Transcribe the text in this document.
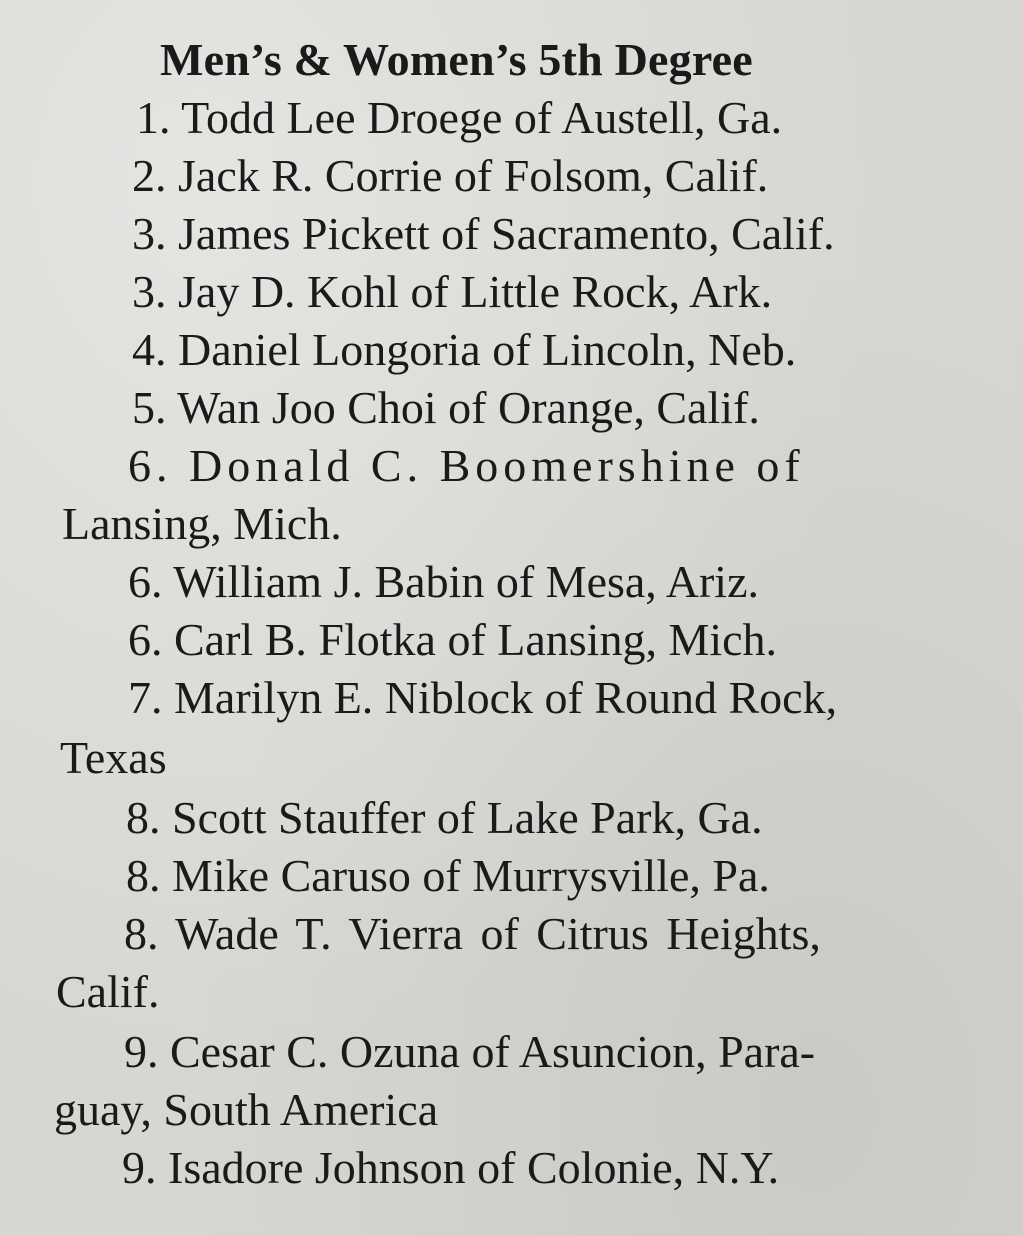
Men’s & Women’s 5th Degree
1. Todd Lee Droege of Austell, Ga.
2. Jack R. Corrie of Folsom, Calif.
3. James Pickett of Sacramento, Calif.
3. Jay D. Kohl of Little Rock, Ark.
4. Daniel Longoria of Lincoln, Neb.
5. Wan Joo Choi of Orange, Calif.
6. Donald C. Boomershine of
Lansing, Mich.
6. William J. Babin of Mesa, Ariz.
6. Carl B. Flotka of Lansing, Mich.
7. Marilyn E. Niblock of Round Rock,
Texas
8. Scott Stauffer of Lake Park, Ga.
8. Mike Caruso of Murrysville, Pa.
8. Wade T. Vierra of Citrus Heights,
Calif.
9. Cesar C. Ozuna of Asuncion, Para-
guay, South America
9. Isadore Johnson of Colonie, N.Y.
